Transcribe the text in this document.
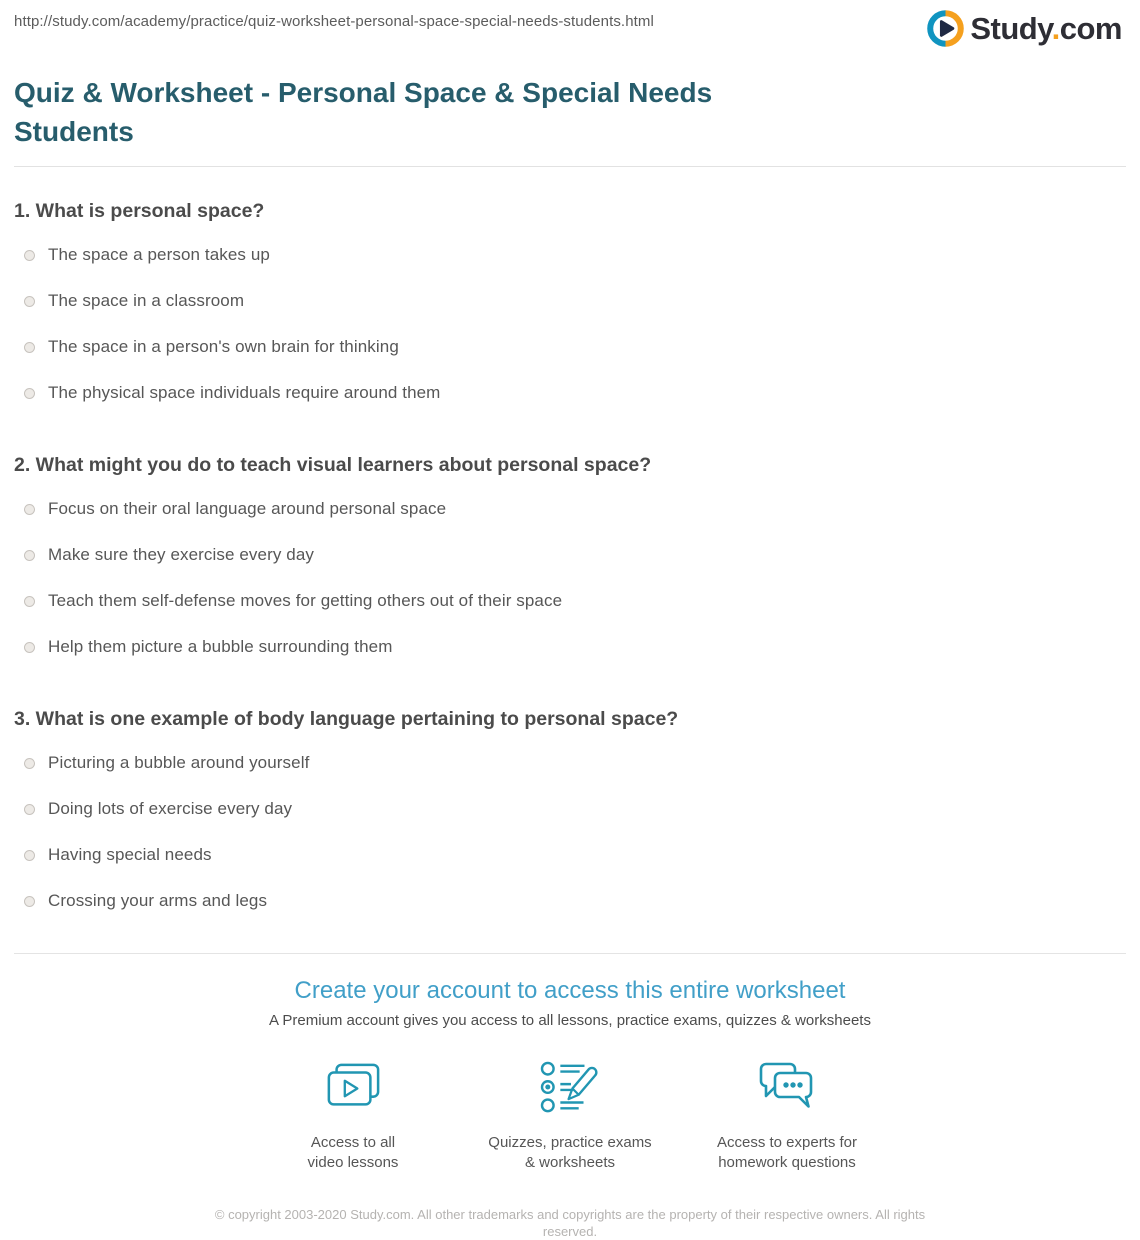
http://study.com/academy/practice/quiz-worksheet-personal-space-special-needs-students.html	Study.com
Quiz & Worksheet - Personal Space & Special Needs
Students
1. What is personal space?
The space a person takes up
The space in a classroom
The space in a person's own brain for thinking
The physical space individuals require around them
2. What might you do to teach visual learners about personal space?
Focus on their oral language around personal space
Make sure they exercise every day
Teach them self-defense moves for getting others out of their space
Help them picture a bubble surrounding them
3. What is one example of body language pertaining to personal space?
Picturing a bubble around yourself
Doing lots of exercise every day
Having special needs
Crossing your arms and legs
Create your account to access this entire worksheet
A Premium account gives you access to all lessons, practice exams, quizzes & worksheets
Access to all
video lessons
Quizzes, practice exams
& worksheets
Access to experts for
homework questions
© copyright 2003-2020 Study.com. All other trademarks and copyrights are the property of their respective owners. All rights reserved.
